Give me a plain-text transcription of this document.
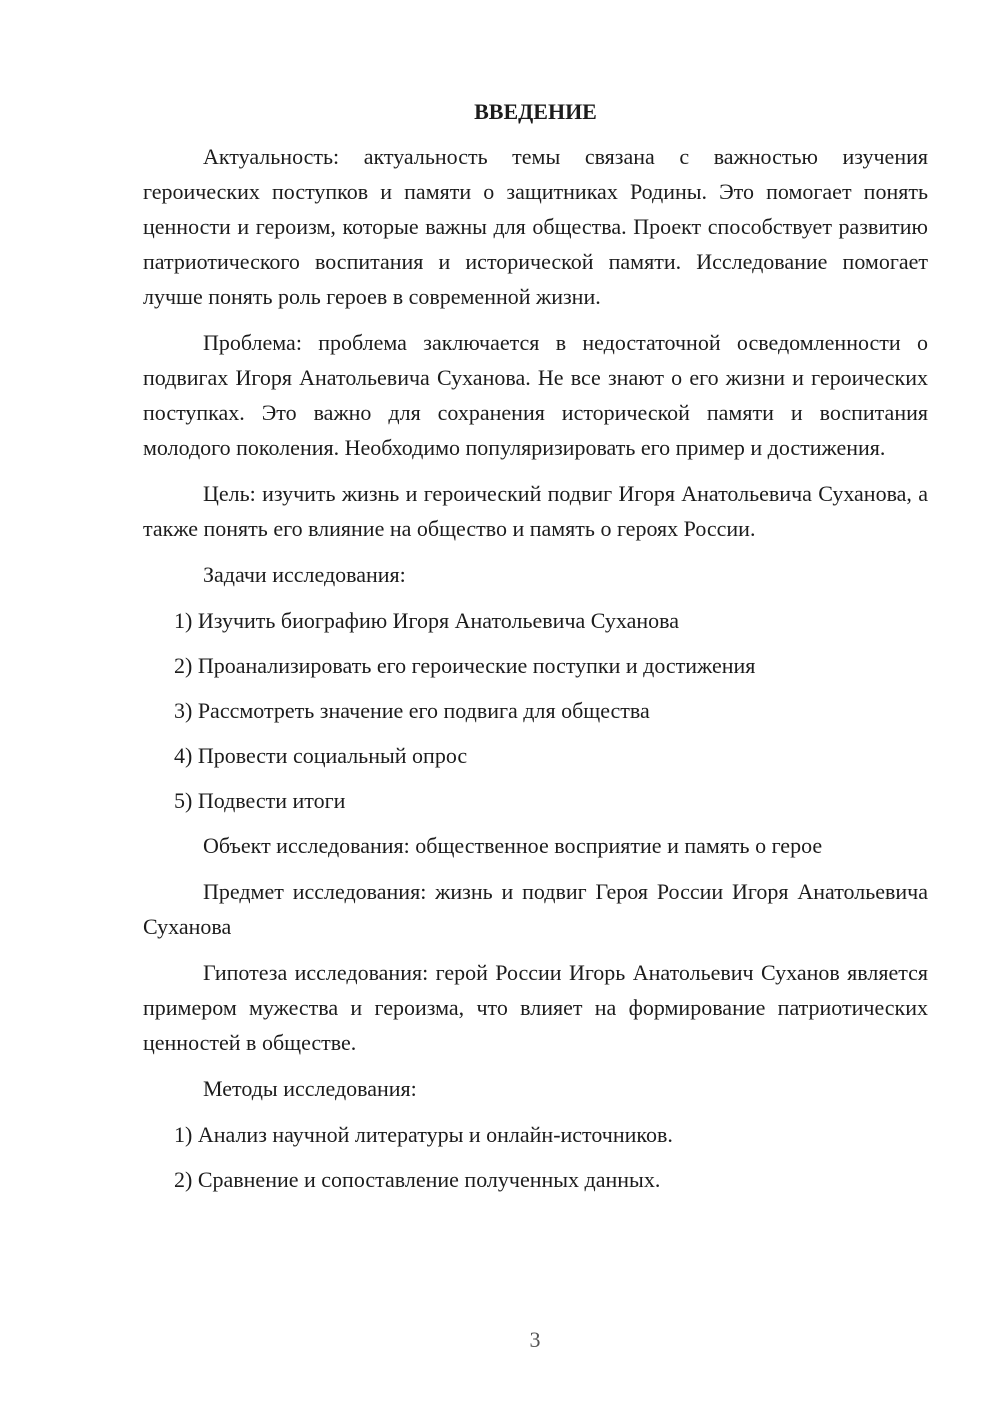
ВВЕДЕНИЕ

Актуальность: актуальность темы связана с важностью изучения героических поступков и памяти о защитниках Родины. Это помогает понять ценности и героизм, которые важны для общества. Проект способствует развитию патриотического воспитания и исторической памяти. Исследование помогает лучше понять роль героев в современной жизни.

Проблема: проблема заключается в недостаточной осведомленности о подвигах Игоря Анатольевича Суханова. Не все знают о его жизни и героических поступках. Это важно для сохранения исторической памяти и воспитания молодого поколения. Необходимо популяризировать его пример и достижения.

Цель: изучить жизнь и героический подвиг Игоря Анатольевича Суханова, а также понять его влияние на общество и память о героях России.

Задачи исследования:

1) Изучить биографию Игоря Анатольевича Суханова
2) Проанализировать его героические поступки и достижения
3) Рассмотреть значение его подвига для общества
4) Провести социальный опрос
5) Подвести итоги

Объект исследования: общественное восприятие и память о герое

Предмет исследования: жизнь и подвиг Героя России Игоря Анатольевича Суханова

Гипотеза исследования: герой России Игорь Анатольевич Суханов является примером мужества и героизма, что влияет на формирование патриотических ценностей в обществе.

Методы исследования:

1) Анализ научной литературы и онлайн-источников.
2) Сравнение и сопоставление полученных данных.
3
